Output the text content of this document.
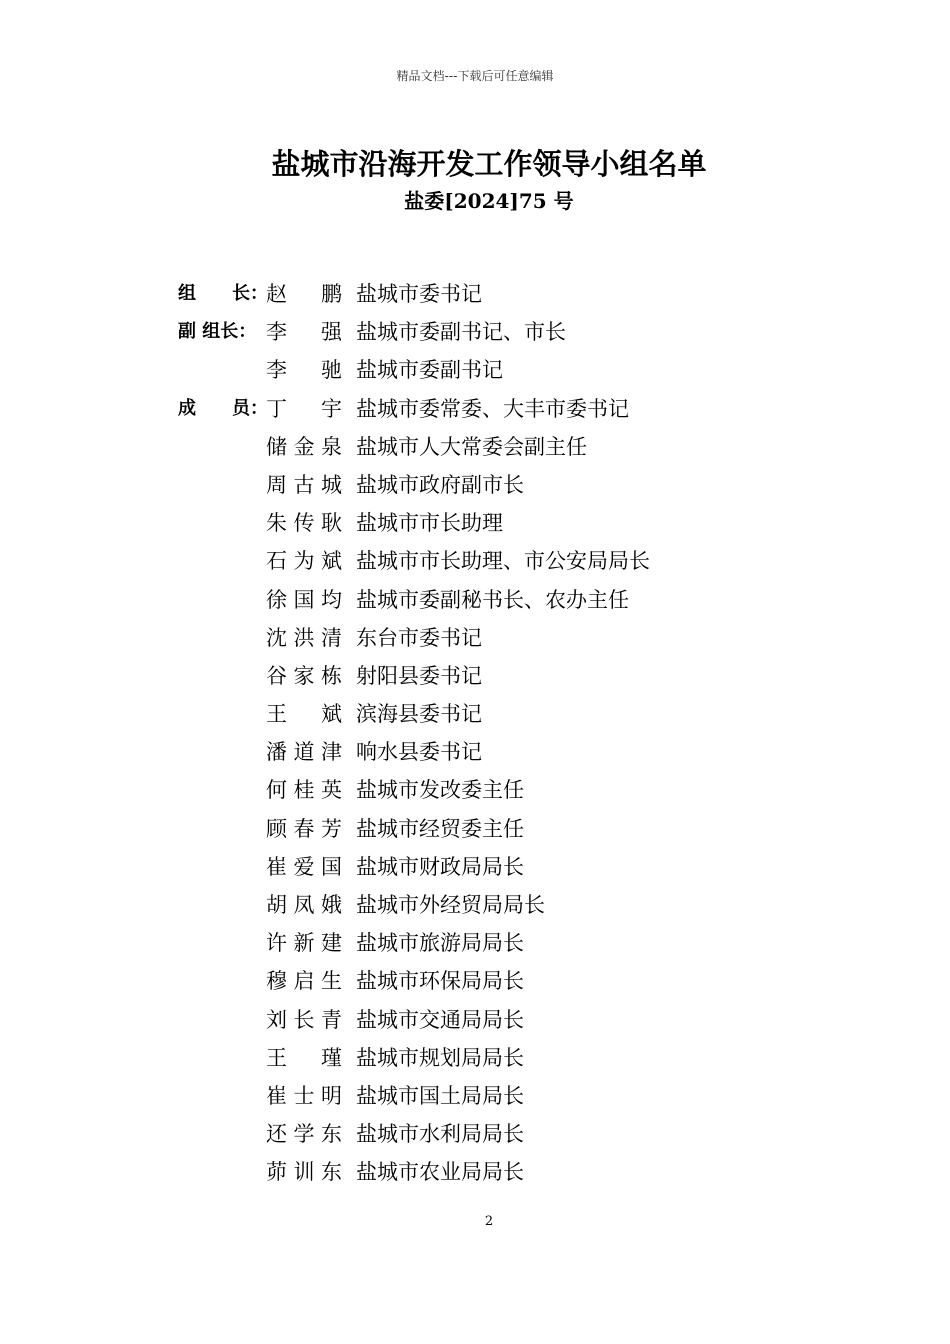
精品文档---下载后可任意编辑
盐城市沿海开发工作领导小组名单
盐委[2024]75 号
组　　长：
赵　鹏 盐城市委书记
副 组长： 李　强 盐城市委副书记、市长
李　驰 盐城市委副书记
成　　员：
丁　宇 盐城市委常委、大丰市委书记
储金泉 盐城市人大常委会副主任
周古城 盐城市政府副市长
朱传耿 盐城市市长助理
石为斌 盐城市市长助理、市公安局局长
徐国均 盐城市委副秘书长、农办主任
沈洪清 东台市委书记
谷家栋 射阳县委书记
王　斌 滨海县委书记
潘道津 响水县委书记
何桂英 盐城市发改委主任
顾春芳 盐城市经贸委主任
崔爱国 盐城市财政局局长
胡凤娥 盐城市外经贸局局长
许新建 盐城市旅游局局长
穆启生 盐城市环保局局长
刘长青 盐城市交通局局长
王　瑾 盐城市规划局局长
崔士明 盐城市国土局局长
还学东 盐城市水利局局长
茆训东 盐城市农业局局长
2
